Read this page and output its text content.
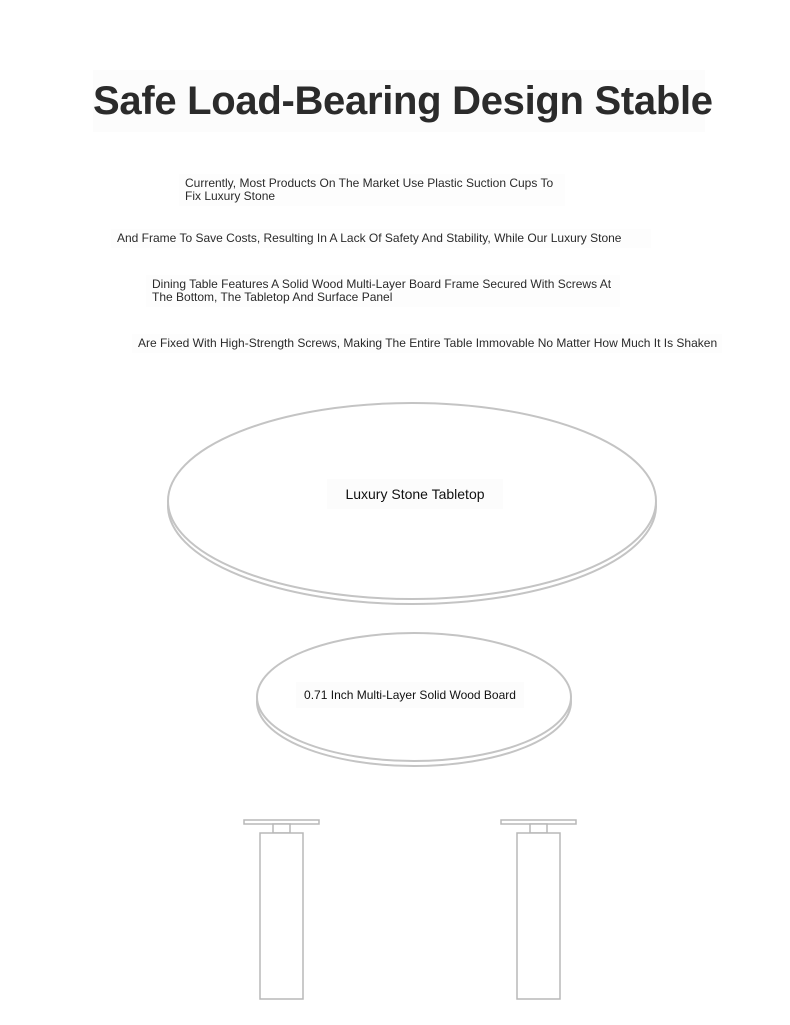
Safe Load-Bearing Design Stable
Currently, Most Products On The Market Use Plastic Suction Cups To Fix Luxury Stone
And Frame To Save Costs, Resulting In A Lack Of Safety And Stability, While Our Luxury Stone
Dining Table Features A Solid Wood Multi-Layer Board Frame Secured With Screws At The Bottom, The Tabletop And Surface Panel
Are Fixed With High-Strength Screws, Making The Entire Table Immovable No Matter How Much It Is Shaken
Luxury Stone Tabletop
0.71 Inch Multi-Layer Solid Wood Board
